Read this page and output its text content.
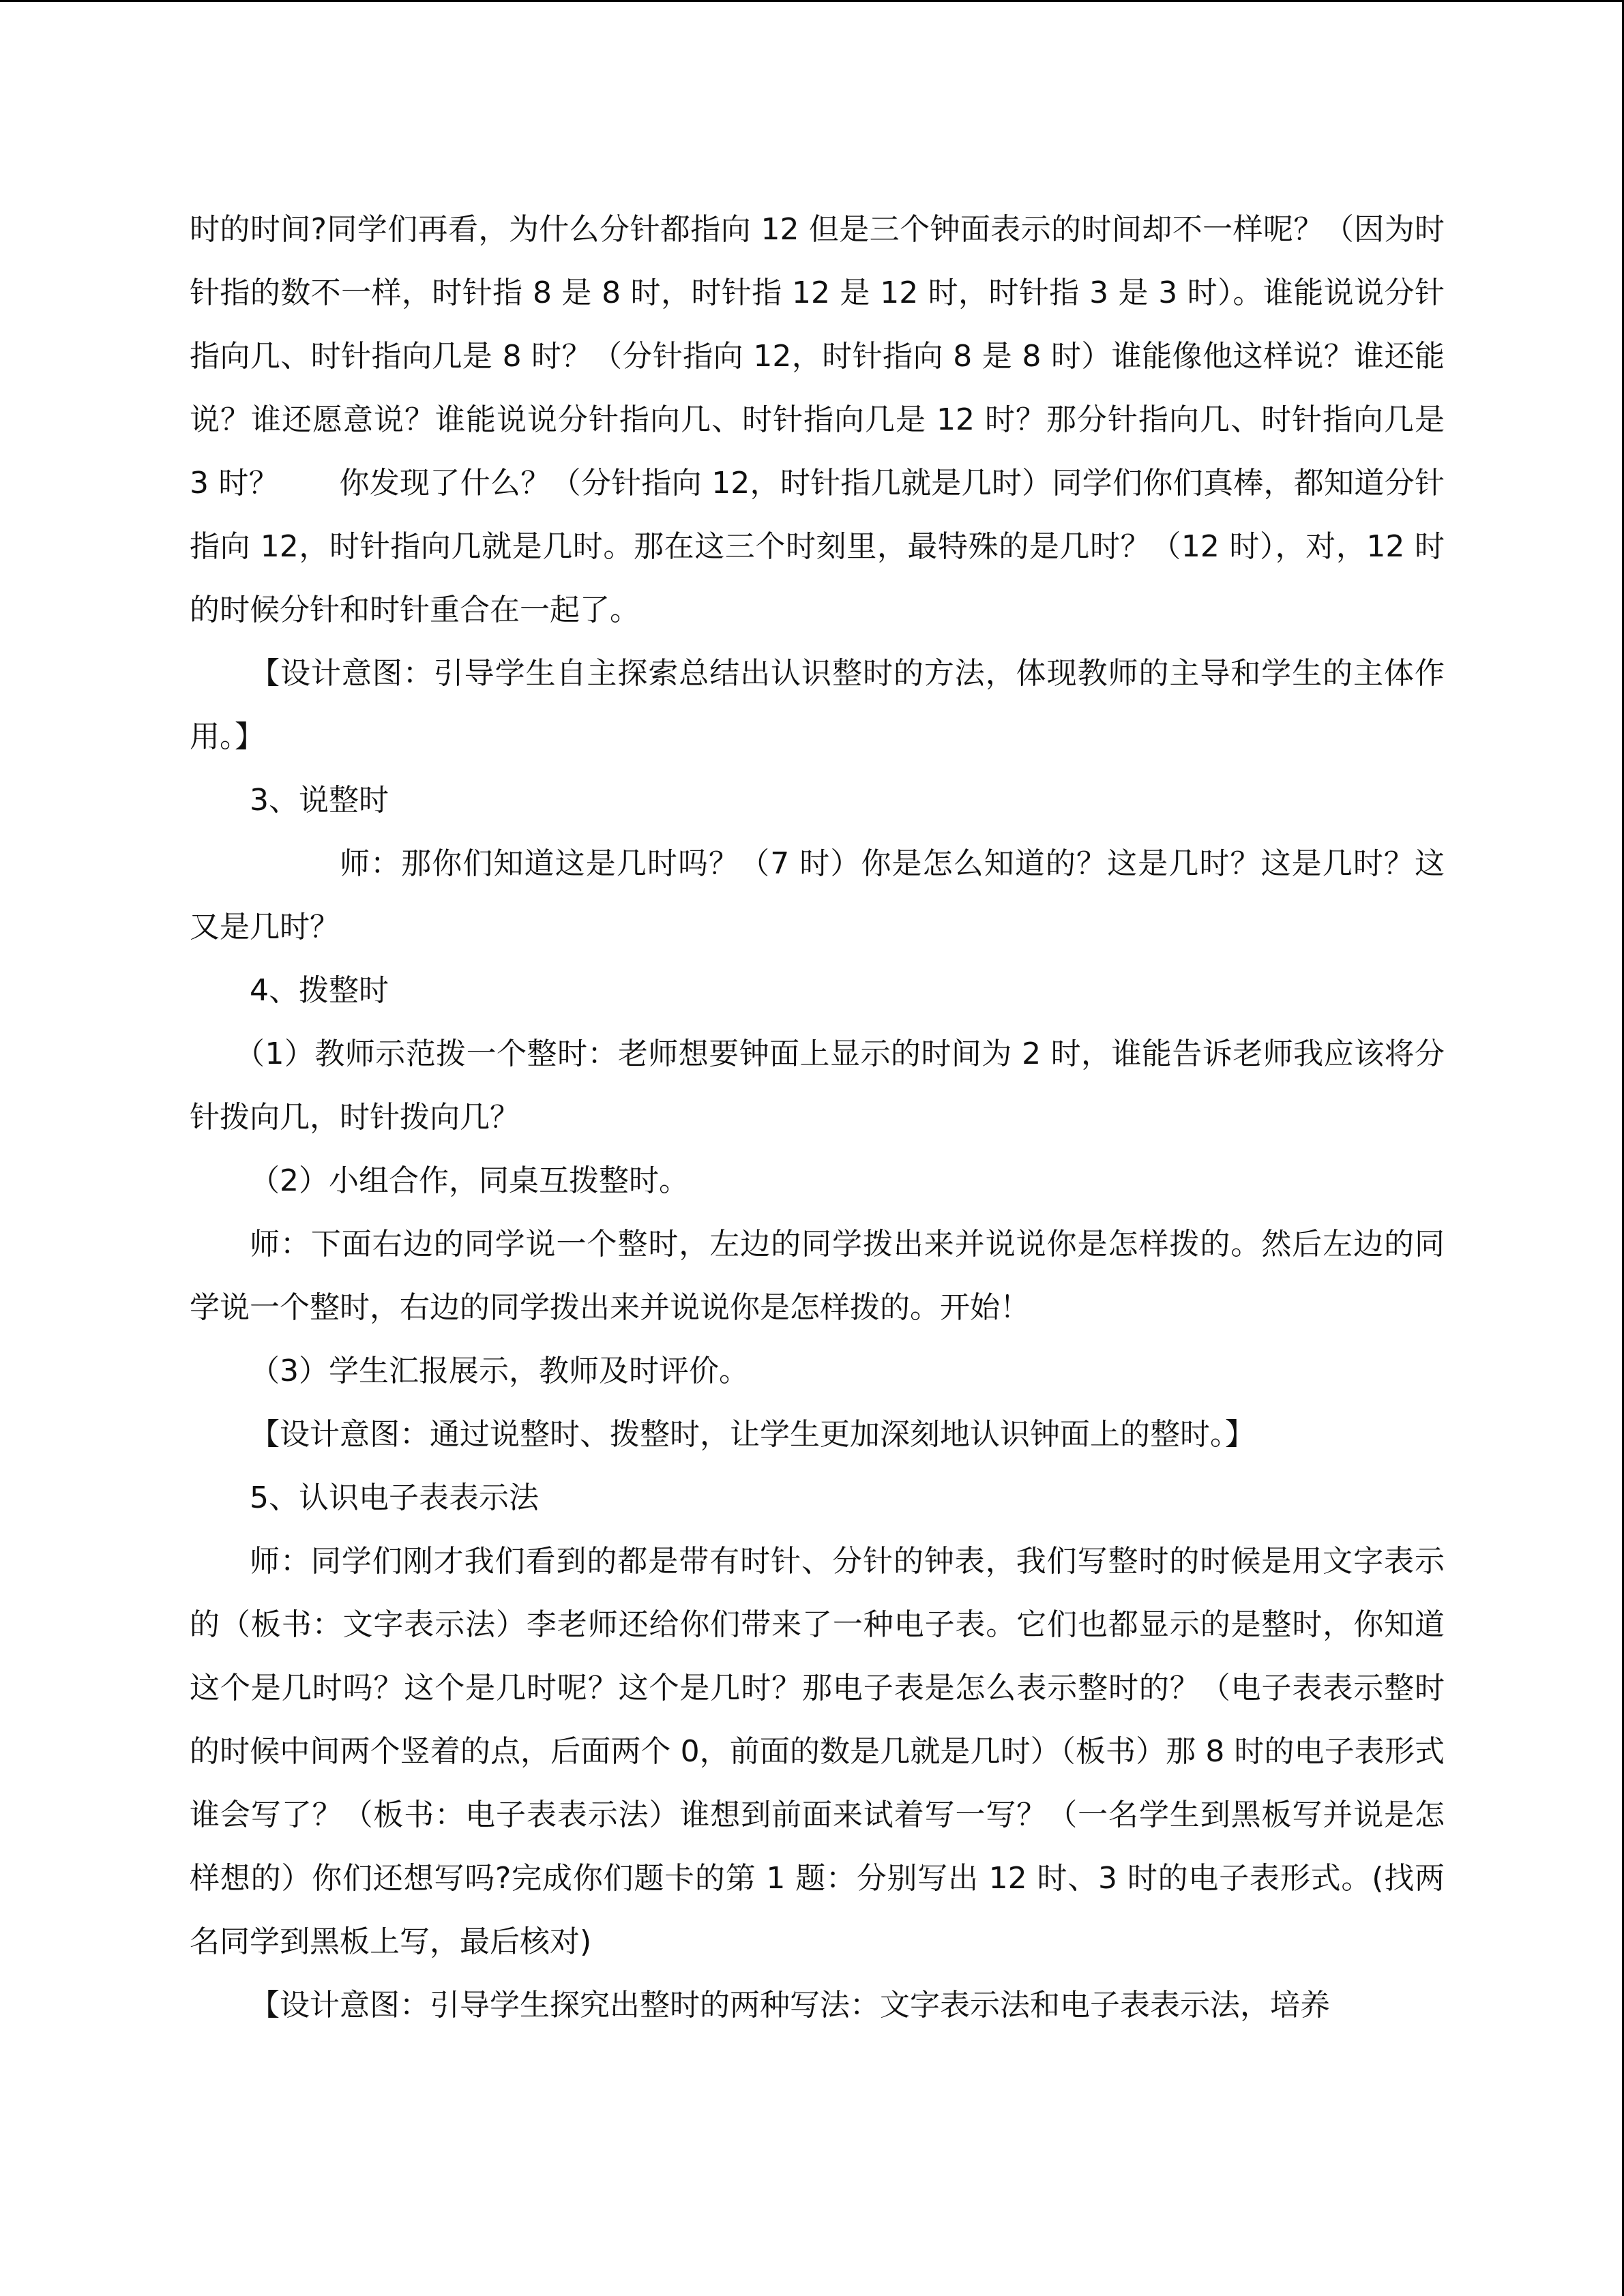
时的时间?同学们再看，为什么分针都指向 12 但是三个钟面表示的时间却不一样呢？（因为时针指的数不一样，时针指 8 是 8 时，时针指 12 是 12 时，时针指 3 是 3 时）。谁能说说分针指向几、时针指向几是 8 时？（分针指向 12，时针指向 8 是 8 时）谁能像他这样说？谁还能说？谁还愿意说？谁能说说分针指向几、时针指向几是 12 时？那分针指向几、时针指向几是 3 时？　　你发现了什么？（分针指向 12，时针指几就是几时）同学们你们真棒，都知道分针指向 12，时针指向几就是几时。那在这三个时刻里，最特殊的是几时？（12 时），对，12 时的时候分针和时针重合在一起了。

【设计意图：引导学生自主探索总结出认识整时的方法，体现教师的主导和学生的主体作用。】

3、说整时

师：那你们知道这是几时吗？（7 时）你是怎么知道的？这是几时？这是几时？这又是几时？

4、拨整时

（1）教师示范拨一个整时：老师想要钟面上显示的时间为 2 时，谁能告诉老师我应该将分针拨向几，时针拨向几？

（2）小组合作，同桌互拨整时。

师：下面右边的同学说一个整时，左边的同学拨出来并说说你是怎样拨的。然后左边的同学说一个整时，右边的同学拨出来并说说你是怎样拨的。开始！

（3）学生汇报展示，教师及时评价。

【设计意图：通过说整时、拨整时，让学生更加深刻地认识钟面上的整时。】

5、认识电子表表示法

师：同学们刚才我们看到的都是带有时针、分针的钟表，我们写整时的时候是用文字表示的（板书：文字表示法）李老师还给你们带来了一种电子表。它们也都显示的是整时，你知道这个是几时吗？这个是几时呢？这个是几时？那电子表是怎么表示整时的？（电子表表示整时的时候中间两个竖着的点，后面两个 0，前面的数是几就是几时）（板书）那 8 时的电子表形式谁会写了？（板书：电子表表示法）谁想到前面来试着写一写？（一名学生到黑板写并说是怎样想的）你们还想写吗?完成你们题卡的第 1 题：分别写出 12 时、3 时的电子表形式。(找两名同学到黑板上写，最后核对)

【设计意图：引导学生探究出整时的两种写法：文字表示法和电子表表示法，培养
